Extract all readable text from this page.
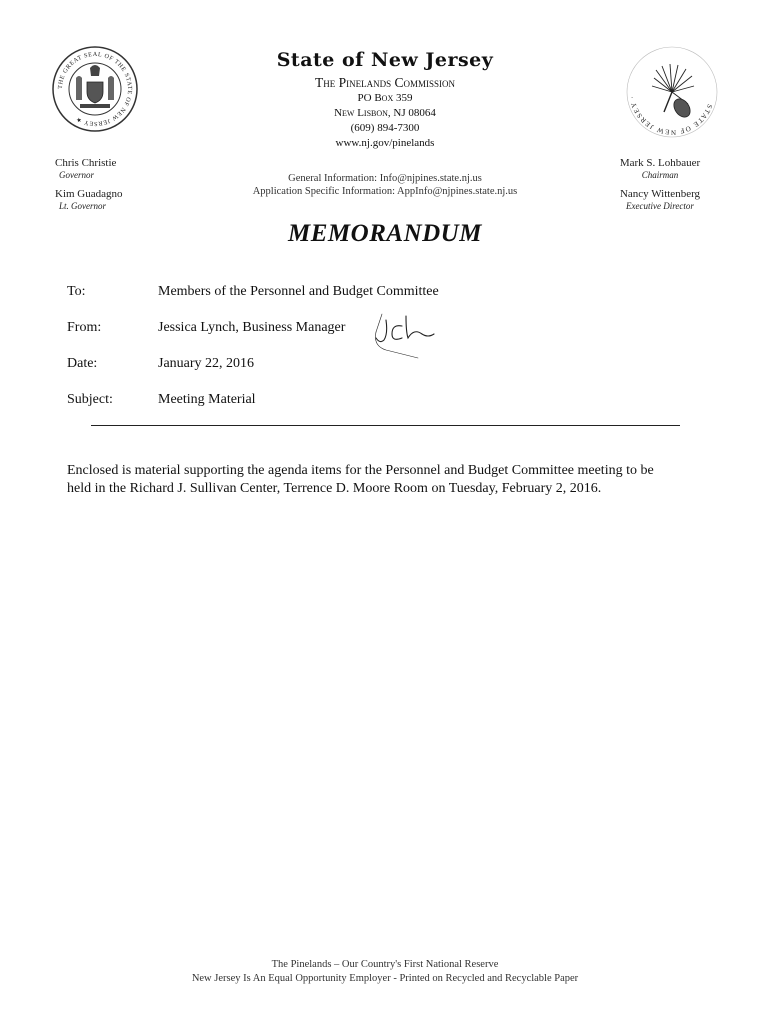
THE GREAT SEAL OF THE STATE OF NEW JERSEY ★
STATE OF NEW JERSEY ·
State of New Jersey
The Pinelands Commission
PO Box 359
New Lisbon, NJ 08064
(609) 894-7300
www.nj.gov/pinelands
General Information: Info@njpines.state.nj.us
Application Specific Information: AppInfo@njpines.state.nj.us
Chris Christie
Governor
Kim Guadagno
Lt. Governor
Mark S. Lohbauer
Chairman
Nancy Wittenberg
Executive Director
MEMORANDUM
To:	Members of the Personnel and Budget Committee
From:	Jessica Lynch, Business Manager
Date:	January 22, 2016
Subject:	Meeting Material
Enclosed is material supporting the agenda items for the Personnel and Budget Committee meeting to be
held in the Richard J. Sullivan Center, Terrence D. Moore Room on Tuesday, February 2, 2016.
The Pinelands – Our Country's First National Reserve
New Jersey Is An Equal Opportunity Employer - Printed on Recycled and Recyclable Paper
